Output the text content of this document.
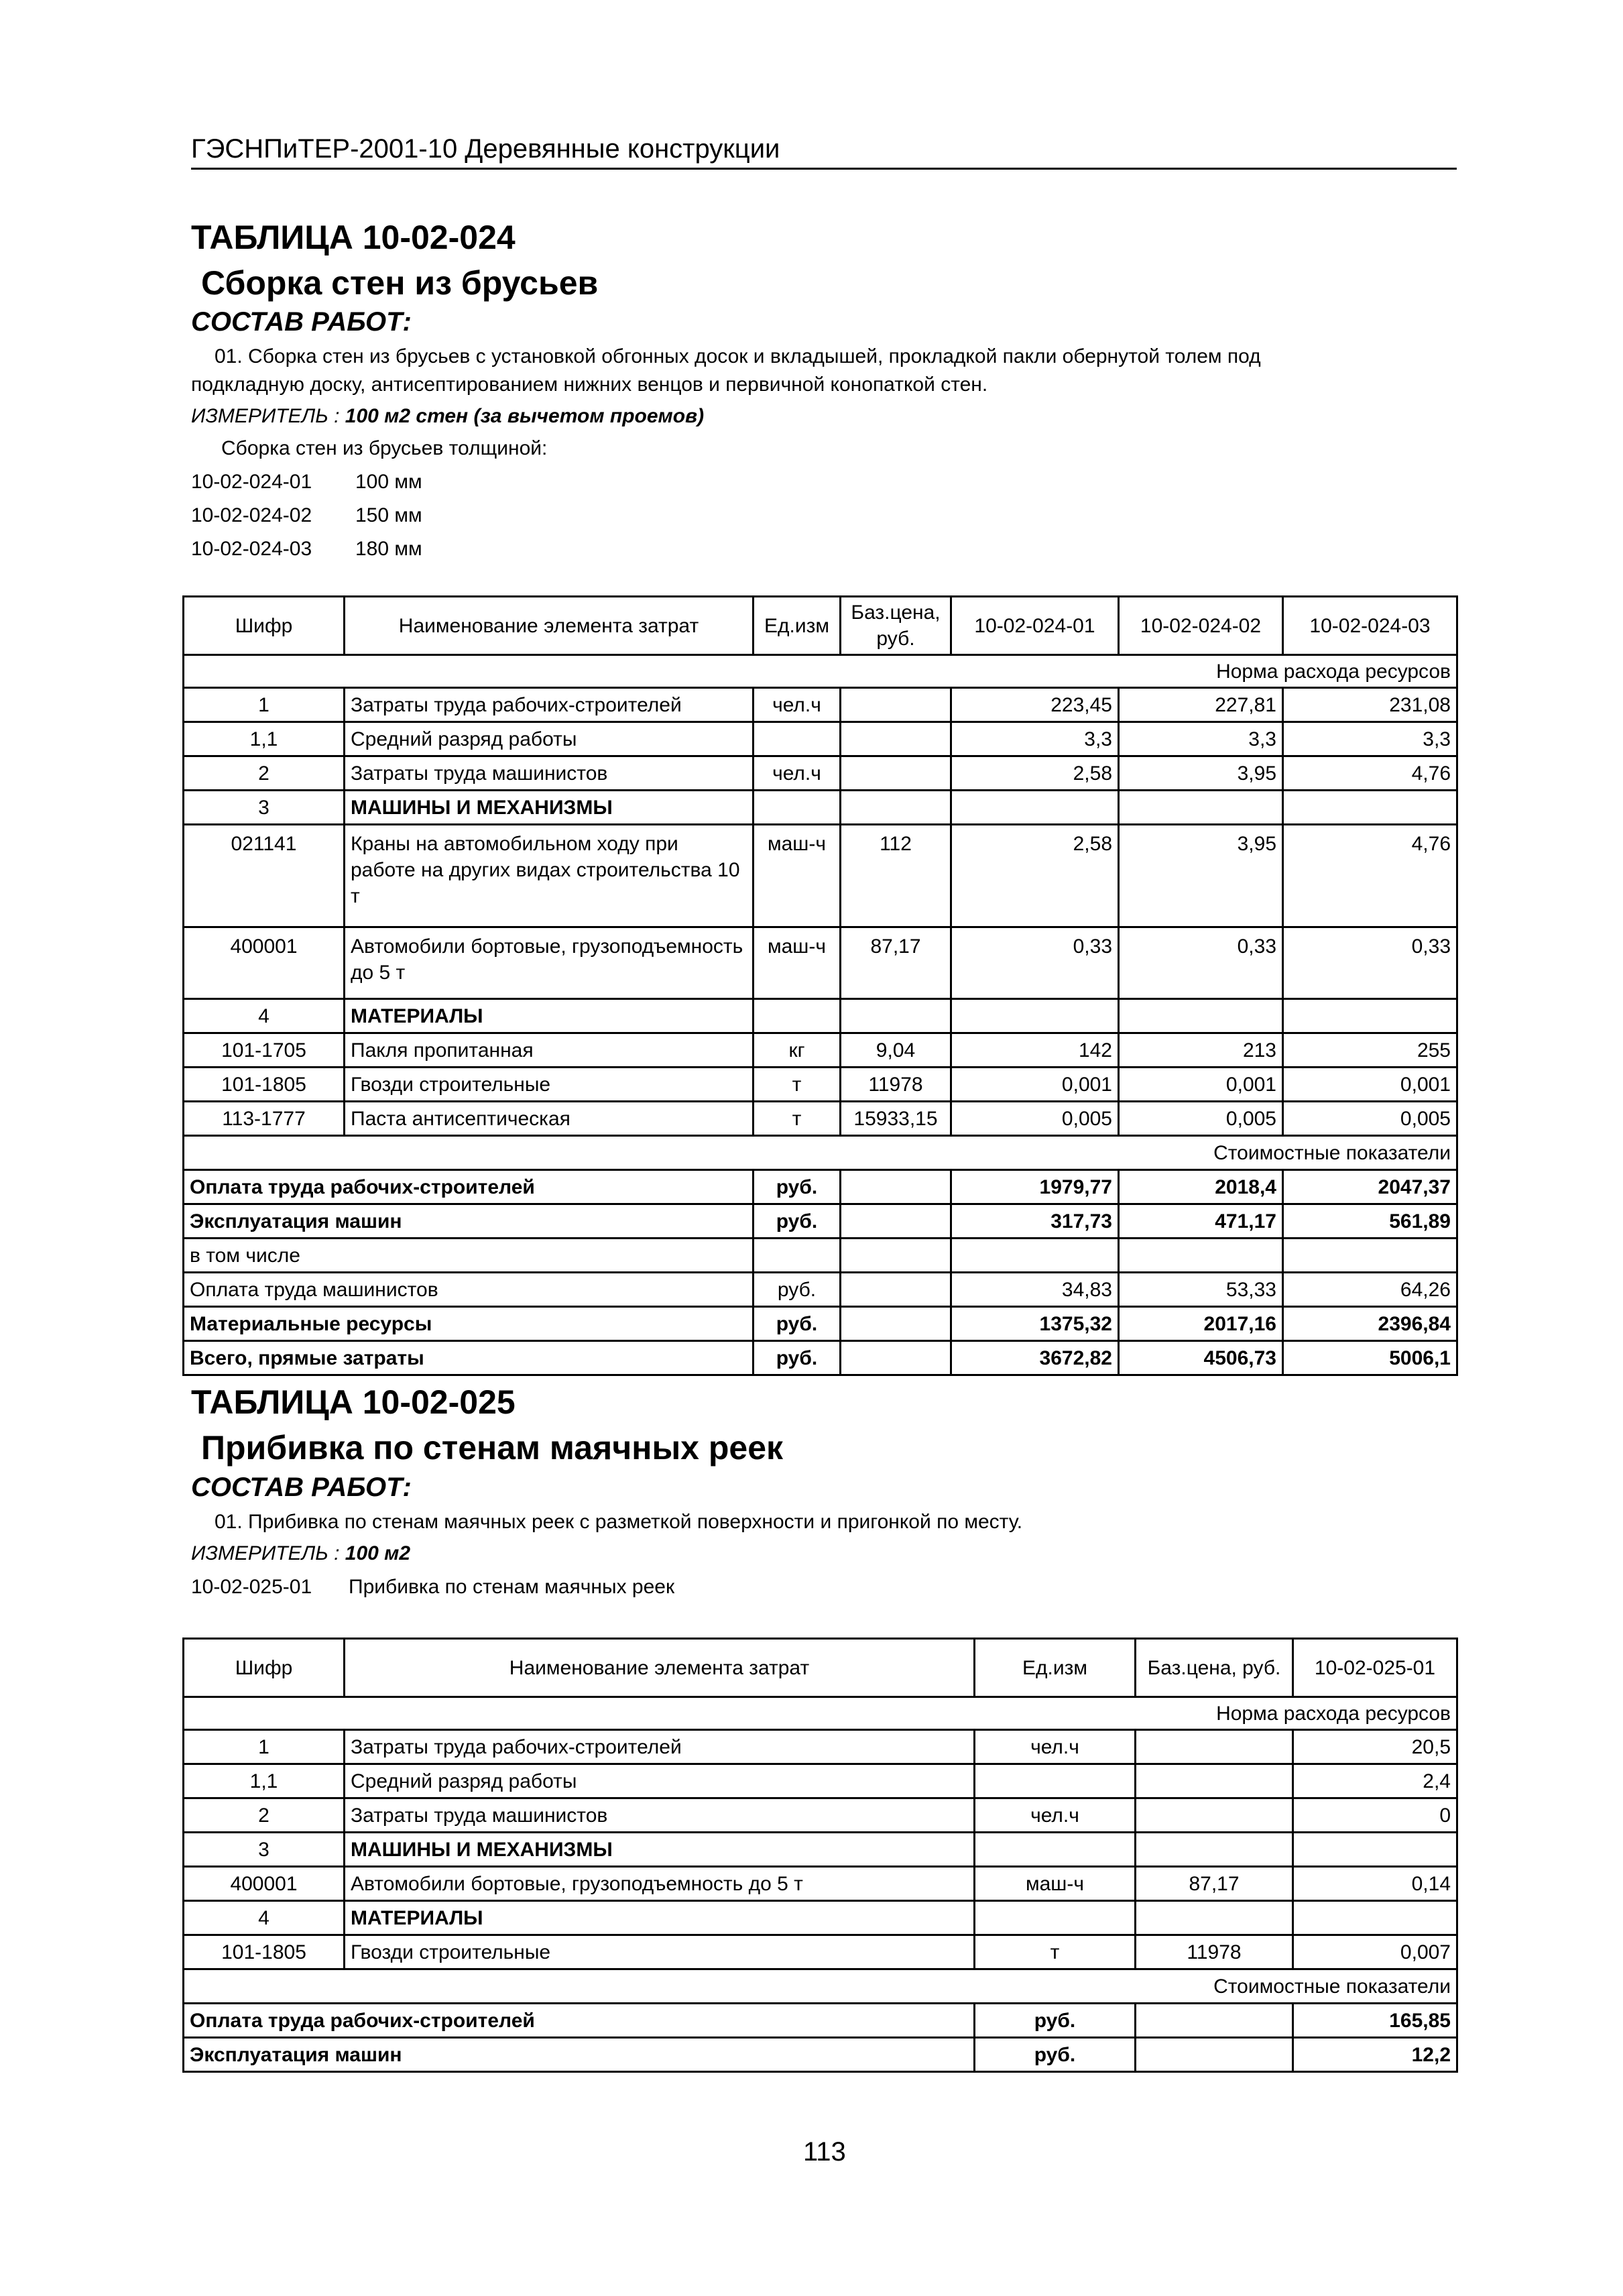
ГЭСНПиТЕР-2001-10 Деревянные конструкции
ТАБЛИЦА 10-02-024
Сборка стен из брусьев
СОСТАВ РАБОТ:
01. Сборка стен из брусьев с установкой обгонных досок и вкладышей, прокладкой пакли обернутой толем под
подкладную доску, антисептированием нижних венцов и первичной конопаткой стен.
ИЗМЕРИТЕЛЬ : 100 м2 стен (за вычетом проемов)
Сборка стен из брусьев толщиной:
10-02-024-01 100 мм
10-02-024-02 150 мм
10-02-024-03 180 мм
Шифр	Наименование элемента затрат	Ед.изм	Баз.цена, руб.	10-02-024-01	10-02-024-02	10-02-024-03
Норма расхода ресурсов						
1	Затраты труда рабочих-строителей	чел.ч		223,45	227,81	231,08
1,1	Средний разряд работы			3,3	3,3	3,3
2	Затраты труда машинистов	чел.ч		2,58	3,95	4,76
3	МАШИНЫ И МЕХАНИЗМЫ					
021141	Краны на автомобильном ходу при работе на других видах строительства 10 т	маш-ч	112	2,58	3,95	4,76
400001	Автомобили бортовые, грузоподъемность до 5 т	маш-ч	87,17	0,33	0,33	0,33
4	МАТЕРИАЛЫ					
101-1705	Пакля пропитанная	кг	9,04	142	213	255
101-1805	Гвозди строительные	т	11978	0,001	0,001	0,001
113-1777	Паста антисептическая	т	15933,15	0,005	0,005	0,005
Стоимостные показатели						
Оплата труда рабочих-строителей		руб.		1979,77	2018,4	2047,37
Эксплуатация машин		руб.		317,73	471,17	561,89
в том числе						
Оплата труда машинистов		руб.		34,83	53,33	64,26
Материальные ресурсы		руб.		1375,32	2017,16	2396,84
Всего, прямые затраты		руб.		3672,82	4506,73	5006,1
ТАБЛИЦА 10-02-025
Прибивка по стенам маячных реек
СОСТАВ РАБОТ:
01. Прибивка по стенам маячных реек с разметкой поверхности и пригонкой по месту.
ИЗМЕРИТЕЛЬ : 100 м2
10-02-025-01 Прибивка по стенам маячных реек
Шифр	Наименование элемента затрат	Ед.изм	Баз.цена, руб.	10-02-025-01
Норма расхода ресурсов				
1	Затраты труда рабочих-строителей	чел.ч		20,5
1,1	Средний разряд работы			2,4
2	Затраты труда машинистов	чел.ч		0
3	МАШИНЫ И МЕХАНИЗМЫ			
400001	Автомобили бортовые, грузоподъемность до 5 т	маш-ч	87,17	0,14
4	МАТЕРИАЛЫ			
101-1805	Гвозди строительные	т	11978	0,007
Стоимостные показатели				
Оплата труда рабочих-строителей		руб.		165,85
Эксплуатация машин		руб.		12,2
113
